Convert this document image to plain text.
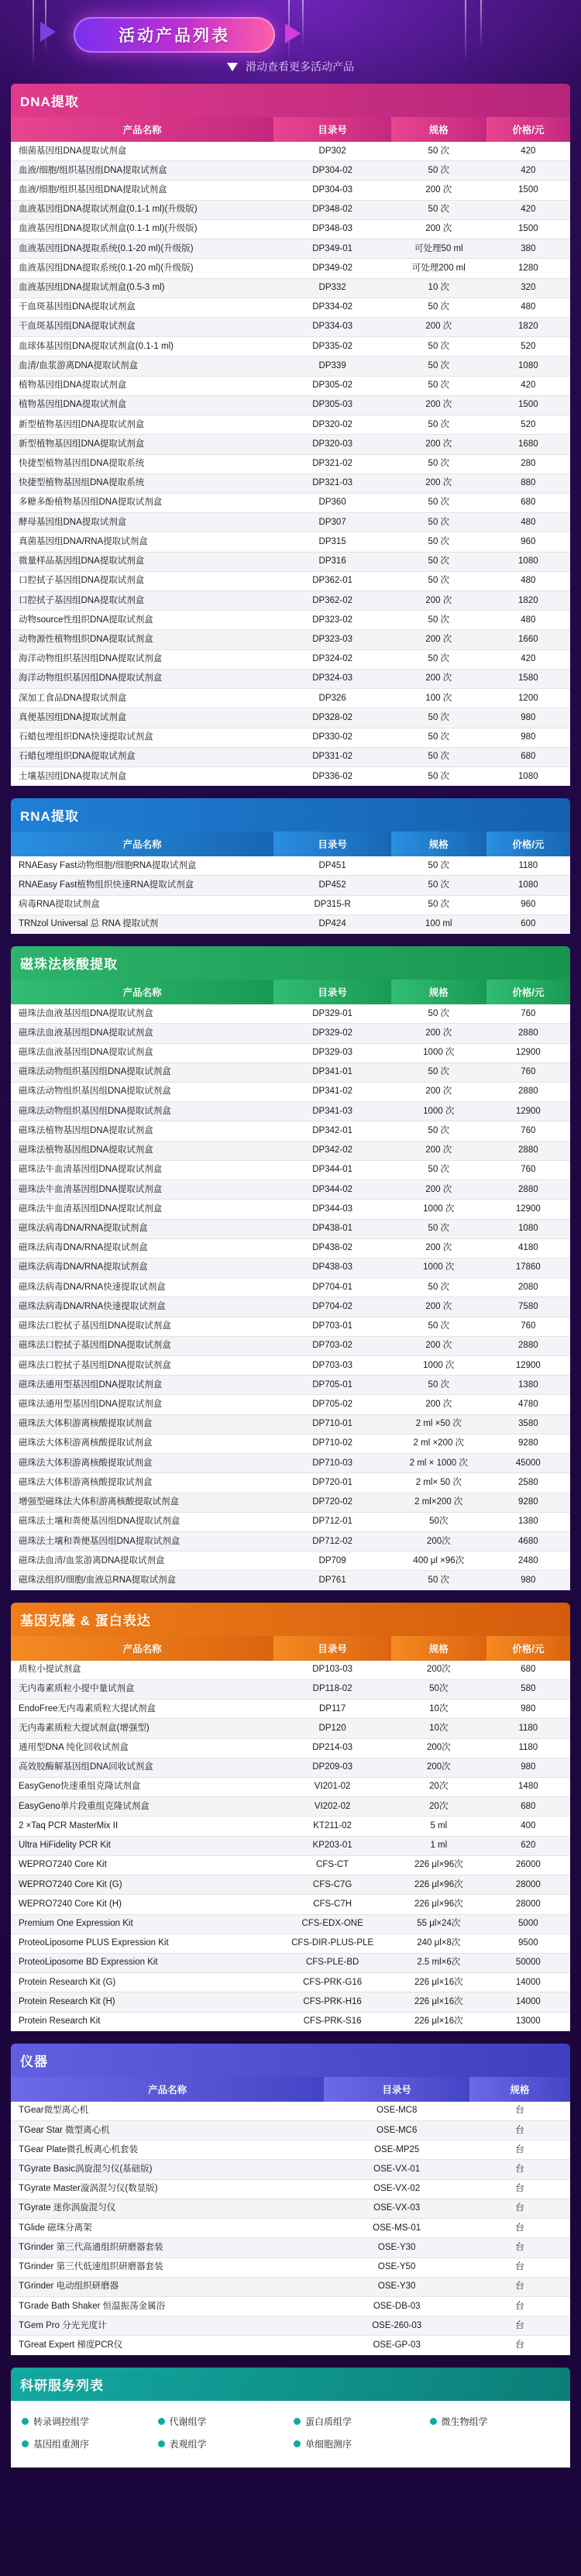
活动产品列表
滑动查看更多活动产品
DNA提取
产品名称	目录号	规格	价格/元
细菌基因组DNA提取试剂盒	DP302	50 次	420
血液/细胞/组织基因组DNA提取试剂盒	DP304-02	50 次	420
血液/细胞/组织基因组DNA提取试剂盒	DP304-03	200 次	1500
血液基因组DNA提取试剂盒(0.1-1 ml)(升级版)	DP348-02	50 次	420
血液基因组DNA提取试剂盒(0.1-1 ml)(升级版)	DP348-03	200 次	1500
血液基因组DNA提取系统(0.1-20 ml)(升级版)	DP349-01	可处理50 ml	380
血液基因组DNA提取系统(0.1-20 ml)(升级版)	DP349-02	可处理200 ml	1280
血液基因组DNA提取试剂盒(0.5-3 ml)	DP332	10 次	320
干血斑基因组DNA提取试剂盒	DP334-02	50 次	480
干血斑基因组DNA提取试剂盒	DP334-03	200 次	1820
血球体基因组DNA提取试剂盒(0.1-1 ml)	DP335-02	50 次	520
血清/血浆游离DNA提取试剂盒	DP339	50 次	1080
植物基因组DNA提取试剂盒	DP305-02	50 次	420
植物基因组DNA提取试剂盒	DP305-03	200 次	1500
新型植物基因组DNA提取试剂盒	DP320-02	50 次	520
新型植物基因组DNA提取试剂盒	DP320-03	200 次	1680
快捷型植物基因组DNA提取系统	DP321-02	50 次	280
快捷型植物基因组DNA提取系统	DP321-03	200 次	880
多糖多酚植物基因组DNA提取试剂盒	DP360	50 次	680
酵母基因组DNA提取试剂盒	DP307	50 次	480
真菌基因组DNA/RNA提取试剂盒	DP315	50 次	960
微量样品基因组DNA提取试剂盒	DP316	50 次	1080
口腔拭子基因组DNA提取试剂盒	DP362-01	50 次	480
口腔拭子基因组DNA提取试剂盒	DP362-02	200 次	1820
动物source性组织DNA提取试剂盒	DP323-02	50 次	480
动物源性植物组织DNA提取试剂盒	DP323-03	200 次	1660
海洋动物组织基因组DNA提取试剂盒	DP324-02	50 次	420
海洋动物组织基因组DNA提取试剂盒	DP324-03	200 次	1580
深加工食品DNA提取试剂盒	DP326	100 次	1200
真便基因组DNA提取试剂盒	DP328-02	50 次	980
石蜡包埋组织DNA快速提取试剂盒	DP330-02	50 次	980
石蜡包埋组织DNA提取试剂盒	DP331-02	50 次	680
土壤基因组DNA提取试剂盒	DP336-02	50 次	1080
RNA提取
产品名称	目录号	规格	价格/元
RNAEasy Fast动物细胞/细胞RNA提取试剂盒	DP451	50 次	1180
RNAEasy Fast植物组织快速RNA提取试剂盒	DP452	50 次	1080
病毒RNA提取试剂盒	DP315-R	50 次	960
TRNzol Universal 总 RNA 提取试剂	DP424	100 ml	600
磁珠法核酸提取
产品名称	目录号	规格	价格/元
磁珠法血液基因组DNA提取试剂盒	DP329-01	50 次	760
磁珠法血液基因组DNA提取试剂盒	DP329-02	200 次	2880
磁珠法血液基因组DNA提取试剂盒	DP329-03	1000 次	12900
磁珠法动物组织基因组DNA提取试剂盒	DP341-01	50 次	760
磁珠法动物组织基因组DNA提取试剂盒	DP341-02	200 次	2880
磁珠法动物组织基因组DNA提取试剂盒	DP341-03	1000 次	12900
磁珠法植物基因组DNA提取试剂盒	DP342-01	50 次	760
磁珠法植物基因组DNA提取试剂盒	DP342-02	200 次	2880
磁珠法牛血清基因组DNA提取试剂盒	DP344-01	50 次	760
磁珠法牛血清基因组DNA提取试剂盒	DP344-02	200 次	2880
磁珠法牛血清基因组DNA提取试剂盒	DP344-03	1000 次	12900
磁珠法病毒DNA/RNA提取试剂盒	DP438-01	50 次	1080
磁珠法病毒DNA/RNA提取试剂盒	DP438-02	200 次	4180
磁珠法病毒DNA/RNA提取试剂盒	DP438-03	1000 次	17860
磁珠法病毒DNA/RNA快速提取试剂盒	DP704-01	50 次	2080
磁珠法病毒DNA/RNA快速提取试剂盒	DP704-02	200 次	7580
磁珠法口腔拭子基因组DNA提取试剂盒	DP703-01	50 次	760
磁珠法口腔拭子基因组DNA提取试剂盒	DP703-02	200 次	2880
磁珠法口腔拭子基因组DNA提取试剂盒	DP703-03	1000 次	12900
磁珠法通用型基因组DNA提取试剂盒	DP705-01	50 次	1380
磁珠法通用型基因组DNA提取试剂盒	DP705-02	200 次	4780
磁珠法大体积游离核酸提取试剂盒	DP710-01	2 ml ×50 次	3580
磁珠法大体积游离核酸提取试剂盒	DP710-02	2 ml ×200 次	9280
磁珠法大体积游离核酸提取试剂盒	DP710-03	2 ml × 1000 次	45000
磁珠法大体积游离核酸提取试剂盒	DP720-01	2 ml× 50 次	2580
增强型磁珠法大体积游离核酸提取试剂盒	DP720-02	2 ml×200 次	9280
磁珠法土壤和粪便基因组DNA提取试剂盒	DP712-01	50次	1380
磁珠法土壤和粪便基因组DNA提取试剂盒	DP712-02	200次	4680
磁珠法血清/血浆游离DNA提取试剂盒	DP709	400 μl ×96次	2480
磁珠法组织/细胞/血液总RNA提取试剂盒	DP761	50 次	980
基因克隆 & 蛋白表达
产品名称	目录号	规格	价格/元
质粒小提试剂盒	DP103-03	200次	680
无内毒素质粒小提中量试剂盒	DP118-02	50次	580
EndoFree无内毒素质粒大提试剂盒	DP117	10次	980
无内毒素质粒大提试剂盒(增强型)	DP120	10次	1180
通用型DNA 纯化回收试剂盒	DP214-03	200次	1180
高效胶酶解基因组DNA回收试剂盒	DP209-03	200次	980
EasyGeno快速重组克隆试剂盒	VI201-02	20次	1480
EasyGeno单片段重组克隆试剂盒	VI202-02	20次	680
2 ×Taq PCR MasterMix II	KT211-02	5 ml	400
Ultra HiFidelity PCR Kit	KP203-01	1 ml	620
WEPRO7240 Core Kit	CFS-CT	226 μl×96次	26000
WEPRO7240 Core Kit (G)	CFS-C7G	226 μl×96次	28000
WEPRO7240 Core Kit (H)	CFS-C7H	226 μl×96次	28000
Premium One Expression Kit	CFS-EDX-ONE	55 μl×24次	5000
ProteoLiposome PLUS Expression Kit	CFS-DIR-PLUS-PLE	240 μl×8次	9500
ProteoLiposome BD Expression Kit	CFS-PLE-BD	2.5 ml×6次	50000
Protein Research Kit (G)	CFS-PRK-G16	226 μl×16次	14000
Protein Research Kit (H)	CFS-PRK-H16	226 μl×16次	14000
Protein Research Kit	CFS-PRK-S16	226 μl×16次	13000
仪器
产品名称	目录号	规格
TGear微型离心机	OSE-MC8	台
TGear Star 微型离心机	OSE-MC6	台
TGear Plate微孔板离心机套装	OSE-MP25	台
TGyrate Basic涡旋混匀仪(基础版)	OSE-VX-01	台
TGyrate Master漩涡混匀仪(数显版)	OSE-VX-02	台
TGyrate 迷你涡旋混匀仪	OSE-VX-03	台
TGlide 磁珠分离架	OSE-MS-01	台
TGrinder 第三代高通组织研磨器套装	OSE-Y30	台
TGrinder 第三代低速组织研磨器套装	OSE-Y50	台
TGrinder 电动组织研磨器	OSE-Y30	台
TGrade Bath Shaker 恒温振荡金属浴	OSE-DB-03	台
TGem Pro 分光光度计	OSE-260-03	台
TGreat Expert 梯度PCR仪	OSE-GP-03	台
科研服务列表
转录调控组学	代谢组学	蛋白质组学	微生物组学
基因组重测序	表观组学	单细胞测序
